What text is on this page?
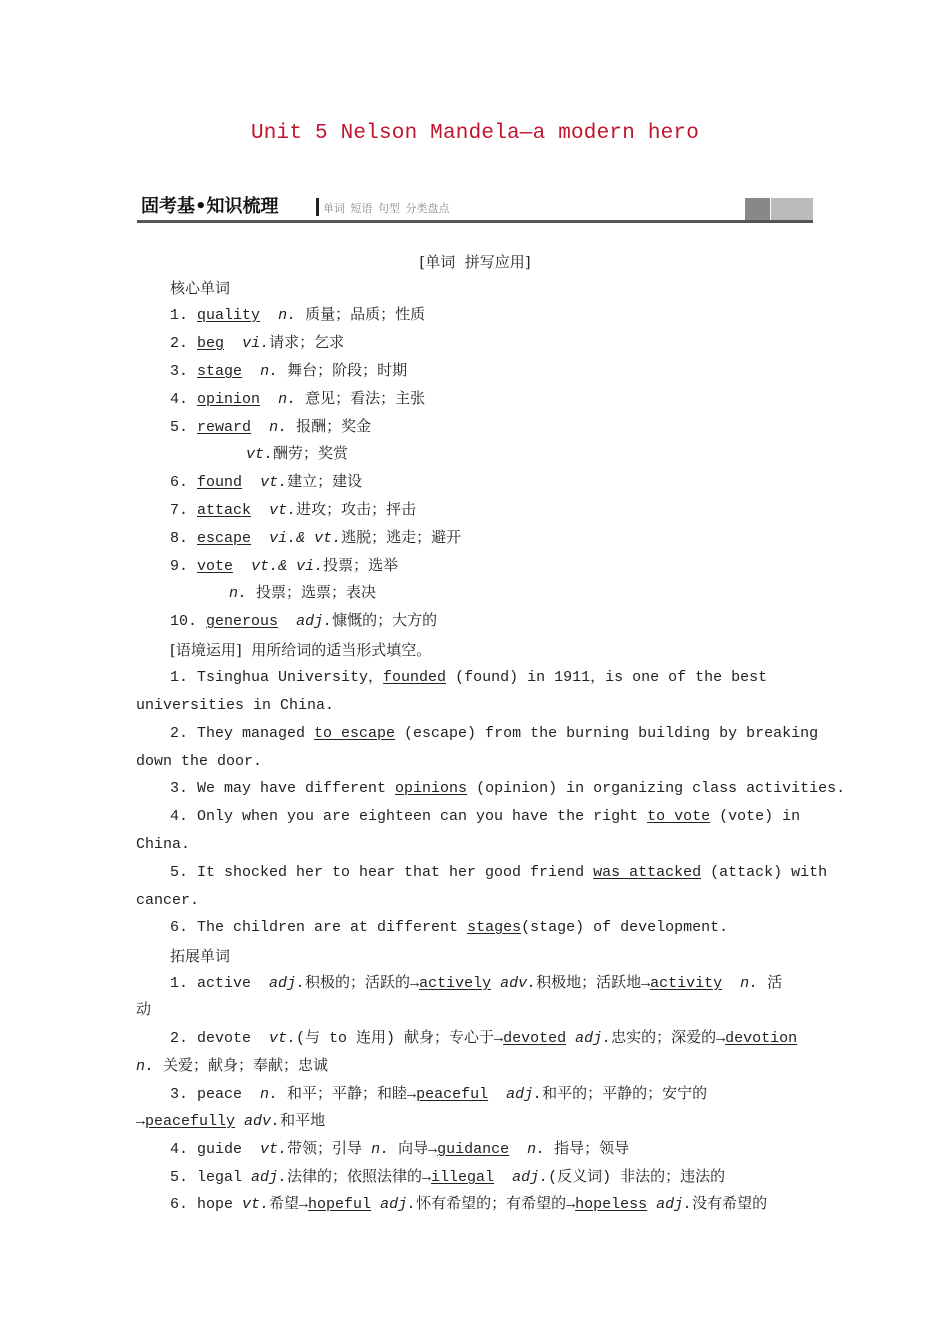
Unit 5 Nelson Mandela—a modern hero
固考基•知识梳理	单词 短语 句型 分类盘点
[单词  拼写应用]
核心单词
1. quality n. 质量；品质；性质
2. beg vi.请求；乞求
3. stage n. 舞台；阶段；时期
4. opinion n. 意见；看法；主张
5. reward n. 报酬；奖金
vt.酬劳；奖赏
6. found vt.建立；建设
7. attack vt.进攻；攻击；抨击
8. escape vi.& vt.逃脱；逃走；避开
9. vote vt.& vi.投票；选举
n. 投票；选票；表决
10. generous adj.慷慨的；大方的
[语境运用]  用所给词的适当形式填空。
1. Tsinghua University，founded (found) in 1911，is one of the best
universities in China.
2. They managed to escape (escape) from the burning building by breaking
down the door.
3. We may have different opinions (opinion) in organizing class activities.
4. Only when you are eighteen can you have the right to vote (vote) in
China.
5. It shocked her to hear that her good friend was attacked (attack) with
cancer.
6. The children are at different stages(stage) of development.
拓展单词
1. active  adj.积极的；活跃的→actively adv.积极地；活跃地→activity n. 活
动
2. devote  vt.(与 to 连用) 献身；专心于→devoted adj.忠实的；深爱的→devotion
n. 关爱；献身；奉献；忠诚
3. peace  n. 和平；平静；和睦→peaceful adj.和平的；平静的；安宁的
→peacefully adv.和平地
4. guide  vt.带领；引导 n. 向导→guidance n. 指导；领导
5. legal adj.法律的；依照法律的→illegal adj.(反义词) 非法的；违法的
6. hope vt.希望→hopeful adj.怀有希望的；有希望的→hopeless adj.没有希望的
